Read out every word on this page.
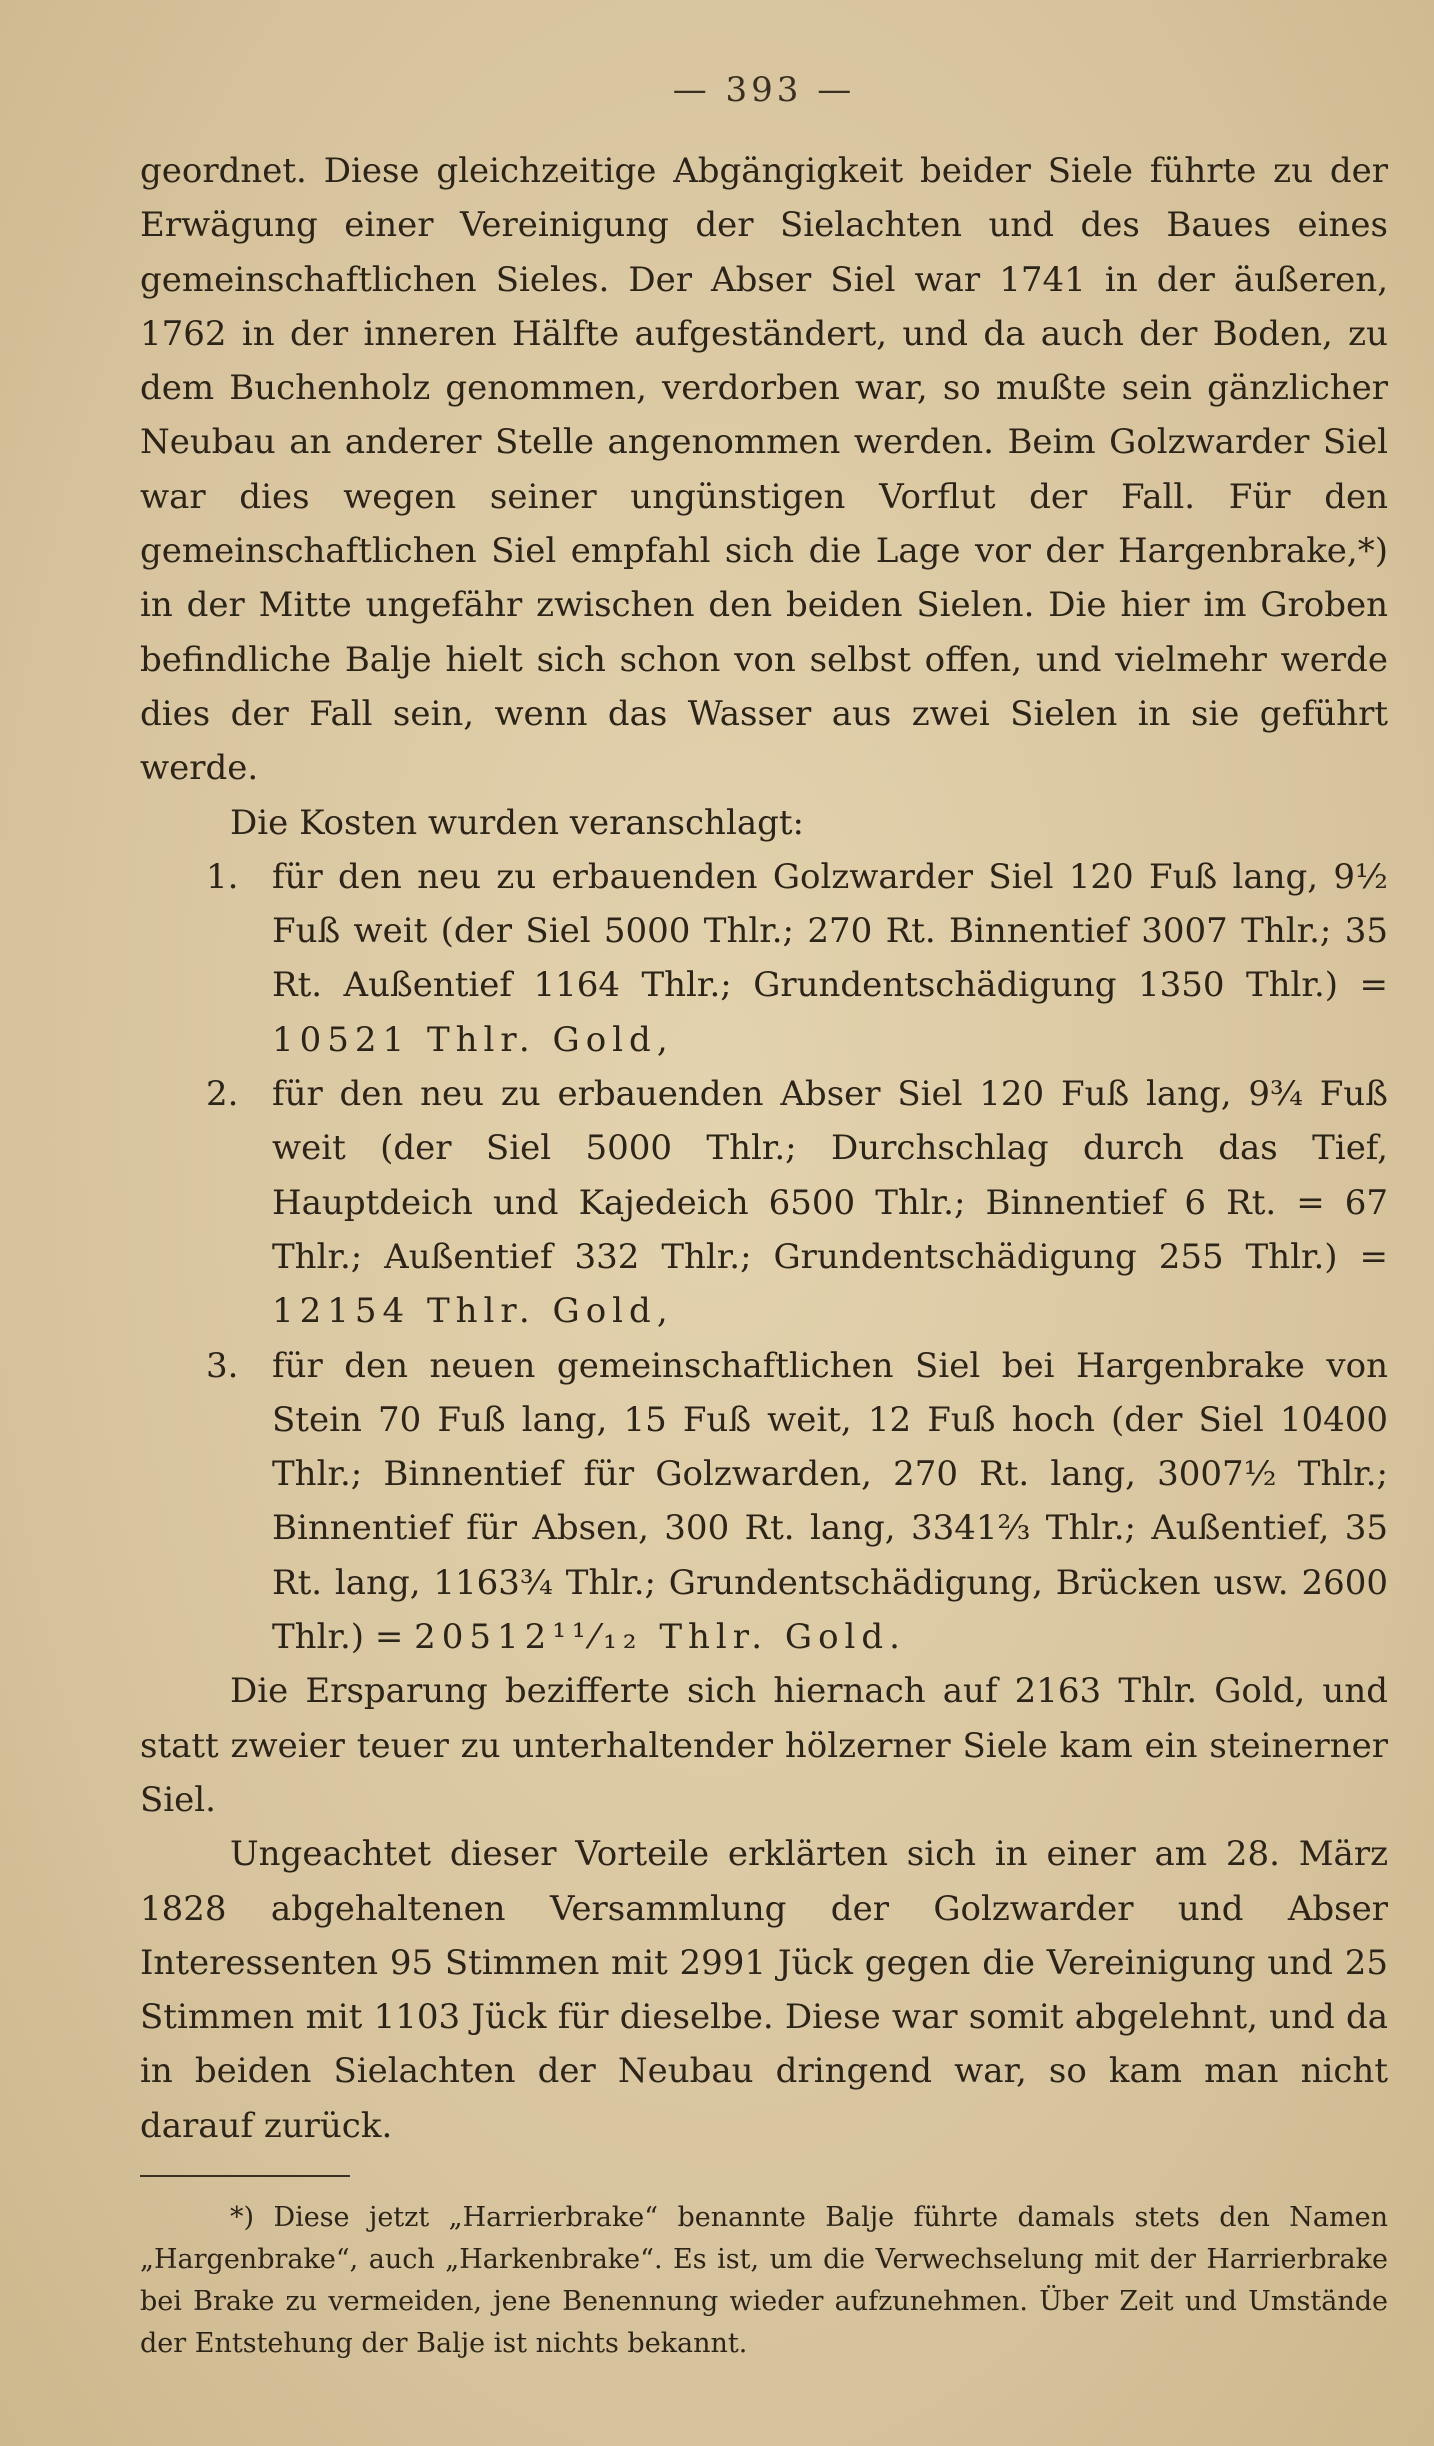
— 393 —

geordnet. Diese gleichzeitige Abgängigkeit beider Siele führte zu der Erwägung einer Vereinigung der Sielachten und des Baues eines gemeinschaftlichen Sieles. Der Abser Siel war 1741 in der äußeren, 1762 in der inneren Hälfte aufgeständert, und da auch der Boden, zu dem Buchenholz genommen, verdorben war, so mußte sein gänzlicher Neubau an anderer Stelle angenommen werden. Beim Golzwarder Siel war dies wegen seiner ungünstigen Vorflut der Fall. Für den gemeinschaftlichen Siel empfahl sich die Lage vor der Hargenbrake,*) in der Mitte ungefähr zwischen den beiden Sielen. Die hier im Groben befindliche Balje hielt sich schon von selbst offen, und vielmehr werde dies der Fall sein, wenn das Wasser aus zwei Sielen in sie geführt werde.

Die Kosten wurden veranschlagt:

1. für den neu zu erbauenden Golzwarder Siel 120 Fuß lang, 9½ Fuß weit (der Siel 5000 Thlr.; 270 Rt. Binnentief 3007 Thlr.; 35 Rt. Außentief 1164 Thlr.; Grundentschädigung 1350 Thlr.) = 10521 Thlr. Gold,
2. für den neu zu erbauenden Abser Siel 120 Fuß lang, 9¾ Fuß weit (der Siel 5000 Thlr.; Durchschlag durch das Tief, Hauptdeich und Kajedeich 6500 Thlr.; Binnentief 6 Rt. = 67 Thlr.; Außentief 332 Thlr.; Grundentschädigung 255 Thlr.) = 12154 Thlr. Gold,
3. für den neuen gemeinschaftlichen Siel bei Hargenbrake von Stein 70 Fuß lang, 15 Fuß weit, 12 Fuß hoch (der Siel 10400 Thlr.; Binnentief für Golzwarden, 270 Rt. lang, 3007½ Thlr.; Binnentief für Absen, 300 Rt. lang, 3341⅔ Thlr.; Außentief, 35 Rt. lang, 1163¾ Thlr.; Grundentschädigung, Brücken usw. 2600 Thlr.) = 20512¹¹⁄₁₂ Thlr. Gold.

Die Ersparung bezifferte sich hiernach auf 2163 Thlr. Gold, und statt zweier teuer zu unterhaltender hölzerner Siele kam ein steinerner Siel.

Ungeachtet dieser Vorteile erklärten sich in einer am 28. März 1828 abgehaltenen Versammlung der Golzwarder und Abser Interessenten 95 Stimmen mit 2991 Jück gegen die Vereinigung und 25 Stimmen mit 1103 Jück für dieselbe. Diese war somit abgelehnt, und da in beiden Sielachten der Neubau dringend war, so kam man nicht darauf zurück.

*) Diese jetzt „Harrierbrake“ benannte Balje führte damals stets den Namen „Hargenbrake“, auch „Harkenbrake“. Es ist, um die Verwechselung mit der Harrierbrake bei Brake zu vermeiden, jene Benennung wieder aufzunehmen. Über Zeit und Umstände der Entstehung der Balje ist nichts bekannt.
